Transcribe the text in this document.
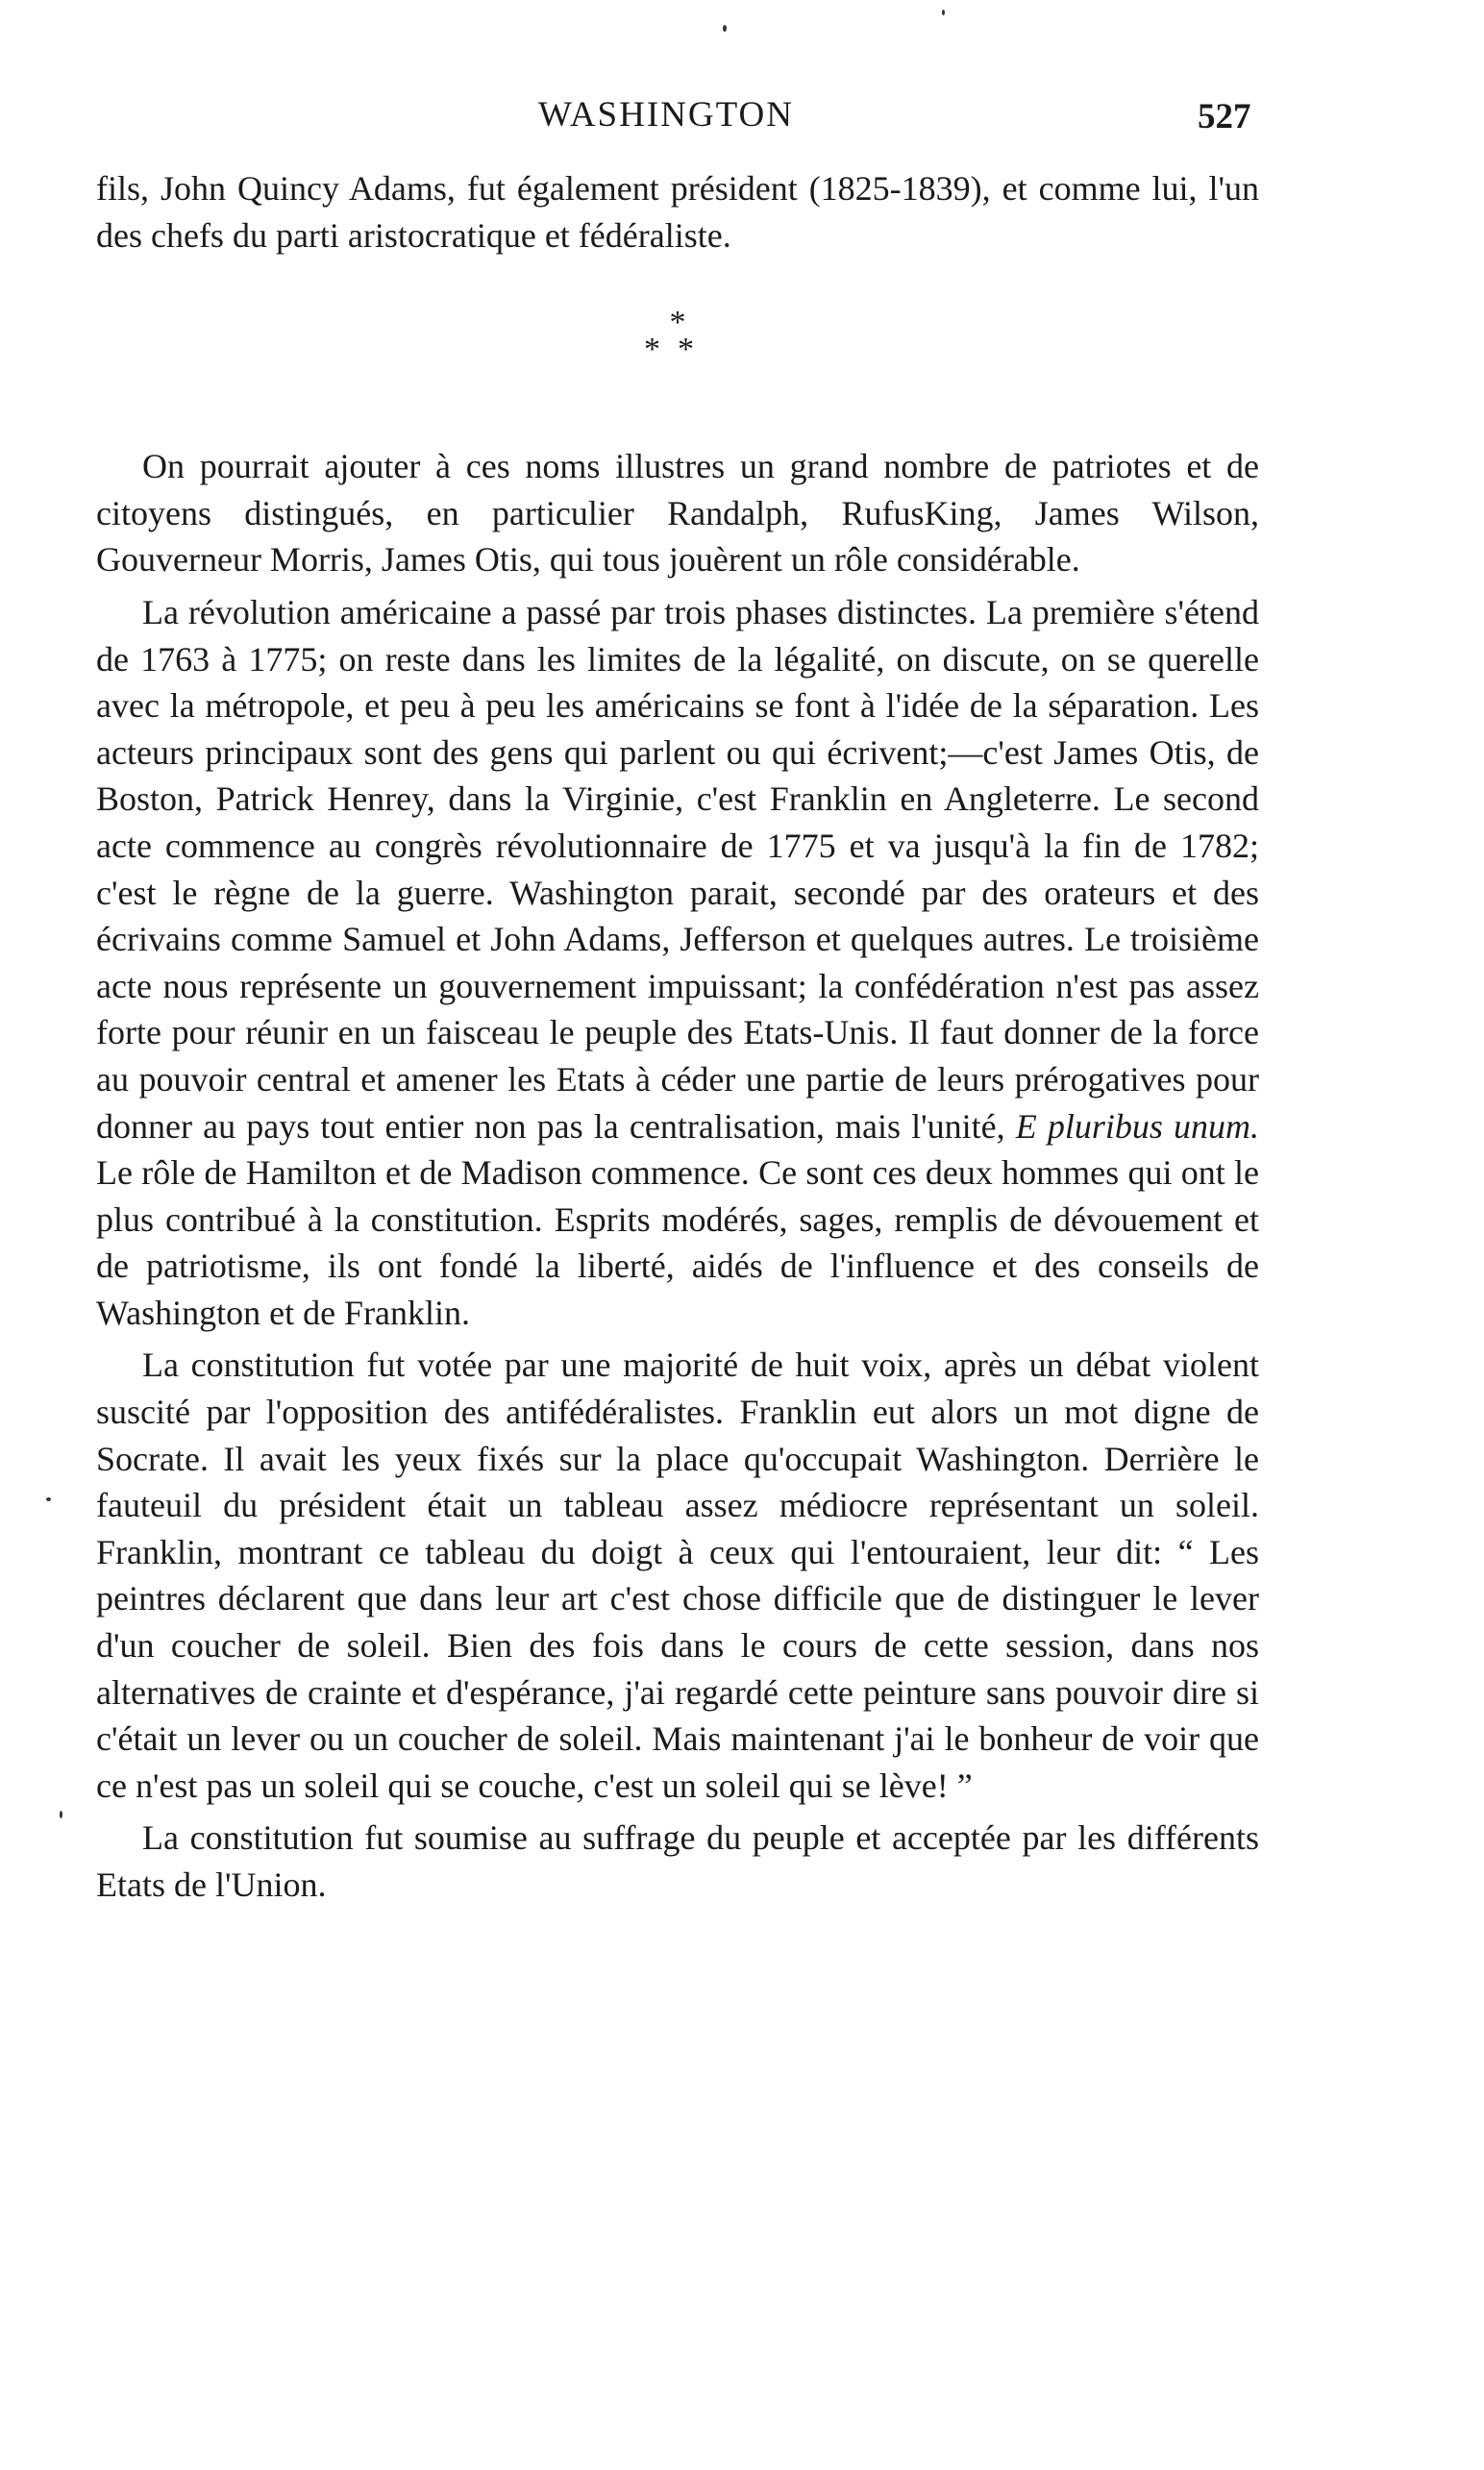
WASHINGTON	527

fils, John Quincy Adams, fut également président (1825-1839), et comme lui, l'un des chefs du parti aristocratique et fédéraliste.

*
**

On pourrait ajouter à ces noms illustres un grand nombre de patriotes et de citoyens distingués, en particulier Randalph, RufusKing, James Wilson, Gouverneur Morris, James Otis, qui tous jouèrent un rôle considérable.

La révolution américaine a passé par trois phases distinctes. La première s'étend de 1763 à 1775; on reste dans les limites de la légalité, on discute, on se querelle avec la métropole, et peu à peu les américains se font à l'idée de la séparation. Les acteurs principaux sont des gens qui parlent ou qui écrivent;—c'est James Otis, de Boston, Patrick Henrey, dans la Virginie, c'est Franklin en Angleterre. Le second acte commence au congrès révolutionnaire de 1775 et va jusqu'à la fin de 1782; c'est le règne de la guerre. Washington parait, secondé par des orateurs et des écrivains comme Samuel et John Adams, Jefferson et quelques autres. Le troisième acte nous représente un gouvernement impuissant; la confédération n'est pas assez forte pour réunir en un faisceau le peuple des Etats-Unis. Il faut donner de la force au pouvoir central et amener les Etats à céder une partie de leurs prérogatives pour donner au pays tout entier non pas la centralisation, mais l'unité, E pluribus unum. Le rôle de Hamilton et de Madison commence. Ce sont ces deux hommes qui ont le plus contribué à la constitution. Esprits modérés, sages, remplis de dévouement et de patriotisme, ils ont fondé la liberté, aidés de l'influence et des conseils de Washington et de Franklin.

La constitution fut votée par une majorité de huit voix, après un débat violent suscité par l'opposition des antifédéralistes. Franklin eut alors un mot digne de Socrate. Il avait les yeux fixés sur la place qu'occupait Washington. Derrière le fauteuil du président était un tableau assez médiocre représentant un soleil. Franklin, montrant ce tableau du doigt à ceux qui l'entouraient, leur dit: “ Les peintres déclarent que dans leur art c'est chose difficile que de distinguer le lever d'un coucher de soleil. Bien des fois dans le cours de cette session, dans nos alternatives de crainte et d'espérance, j'ai regardé cette peinture sans pouvoir dire si c'était un lever ou un coucher de soleil. Mais maintenant j'ai le bonheur de voir que ce n'est pas un soleil qui se couche, c'est un soleil qui se lève! ”

La constitution fut soumise au suffrage du peuple et acceptée par les différents Etats de l'Union.
